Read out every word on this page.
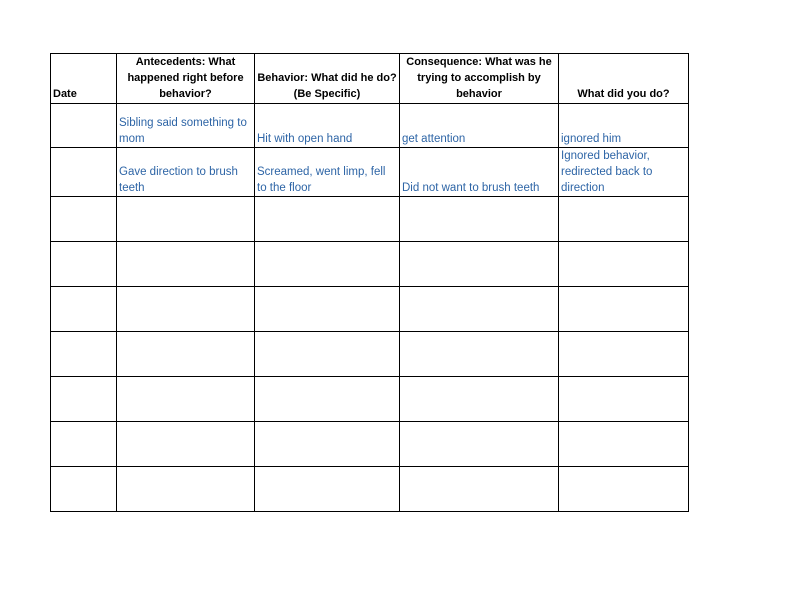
Date	Antecedents: What happened right before behavior?	Behavior: What did he do? (Be Specific)	Consequence: What was he trying to accomplish by behavior	What did you do?
	Sibling said something to mom	Hit with open hand	get attention	ignored him
	Gave direction to brush teeth	Screamed, went limp, fell to the floor	Did not want to brush teeth	Ignored behavior, redirected back to direction
